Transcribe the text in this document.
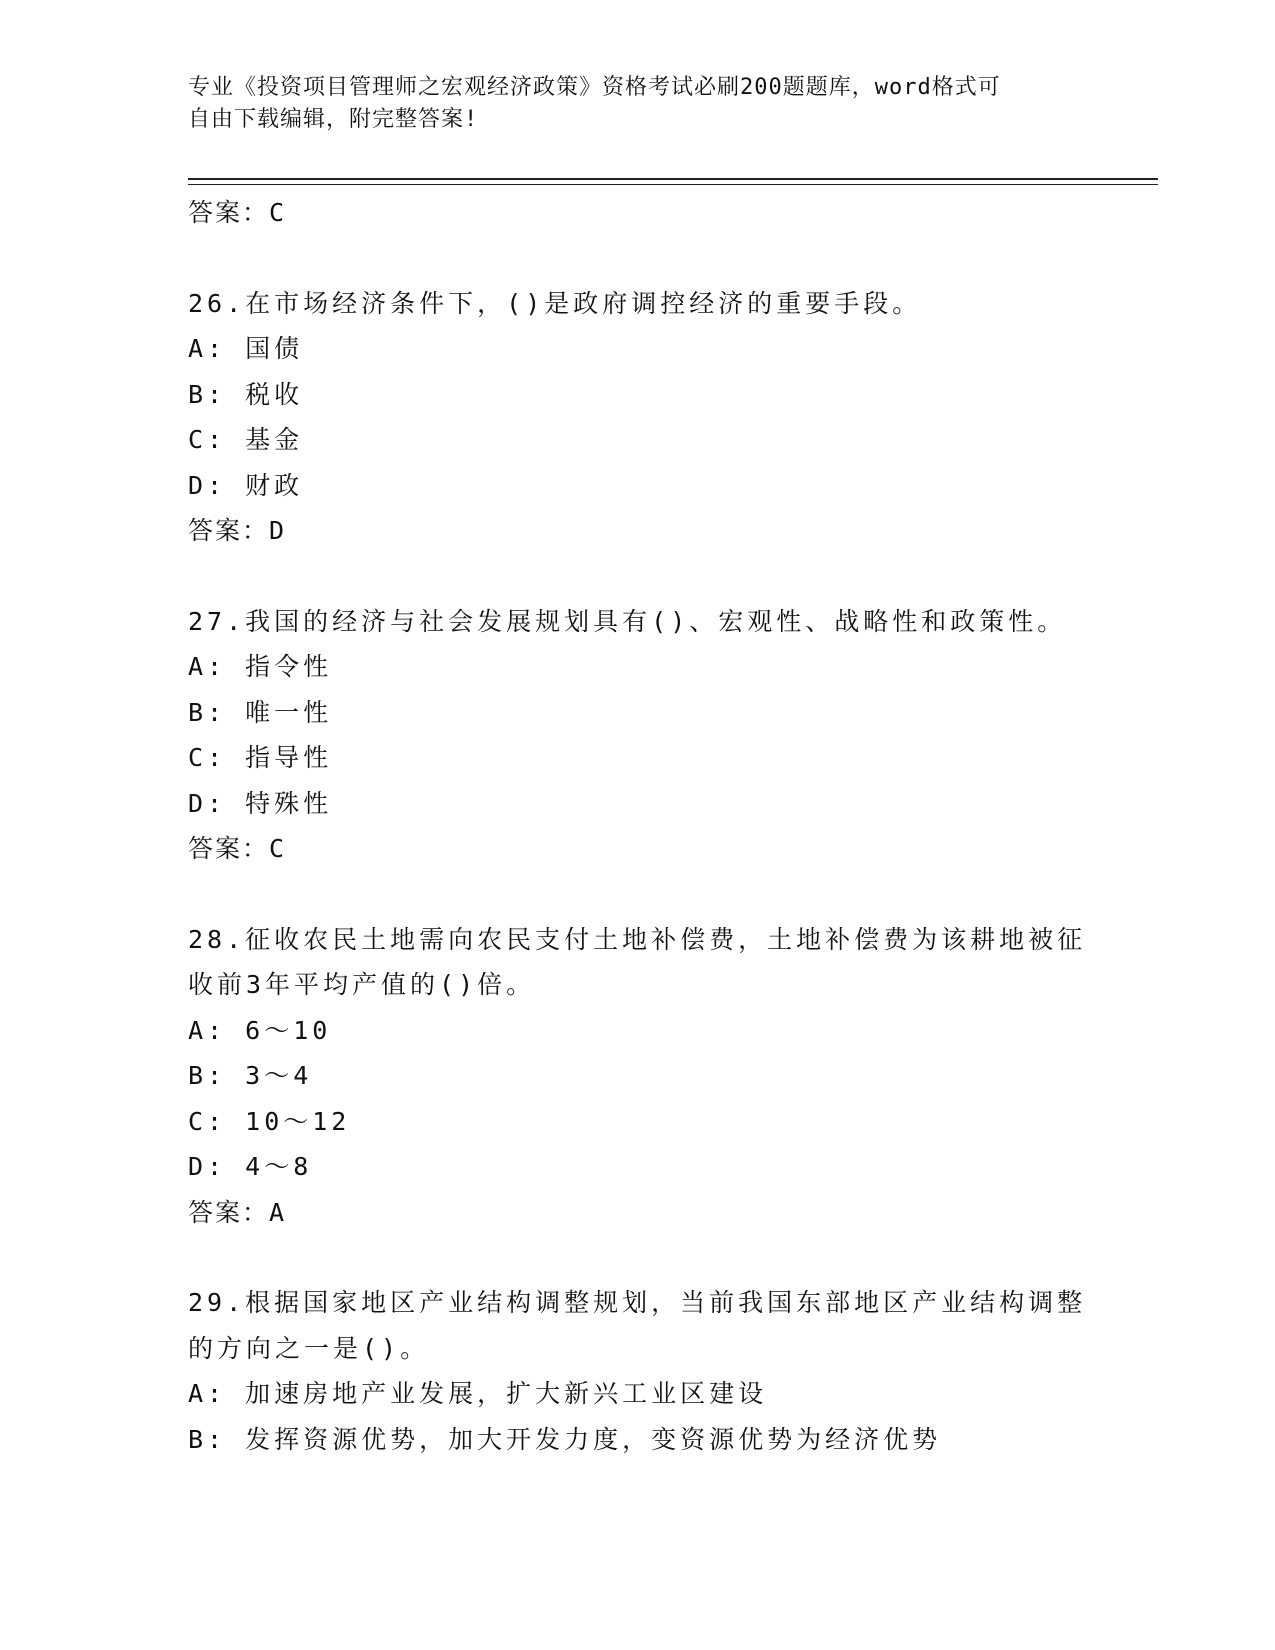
专业《投资项目管理师之宏观经济政策》资格考试必刷200题题库，word格式可
自由下载编辑，附完整答案!
答案：C
26.在市场经济条件下，()是政府调控经济的重要手段。
A: 国债
B: 税收
C: 基金
D: 财政
答案：D
27.我国的经济与社会发展规划具有()、宏观性、战略性和政策性。
A: 指令性
B: 唯一性
C: 指导性
D: 特殊性
答案：C
28.征收农民土地需向农民支付土地补偿费，土地补偿费为该耕地被征
收前3年平均产值的()倍。
A: 6～10
B: 3～4
C: 10～12
D: 4～8
答案：A
29.根据国家地区产业结构调整规划，当前我国东部地区产业结构调整
的方向之一是()。
A: 加速房地产业发展，扩大新兴工业区建设
B: 发挥资源优势，加大开发力度，变资源优势为经济优势
